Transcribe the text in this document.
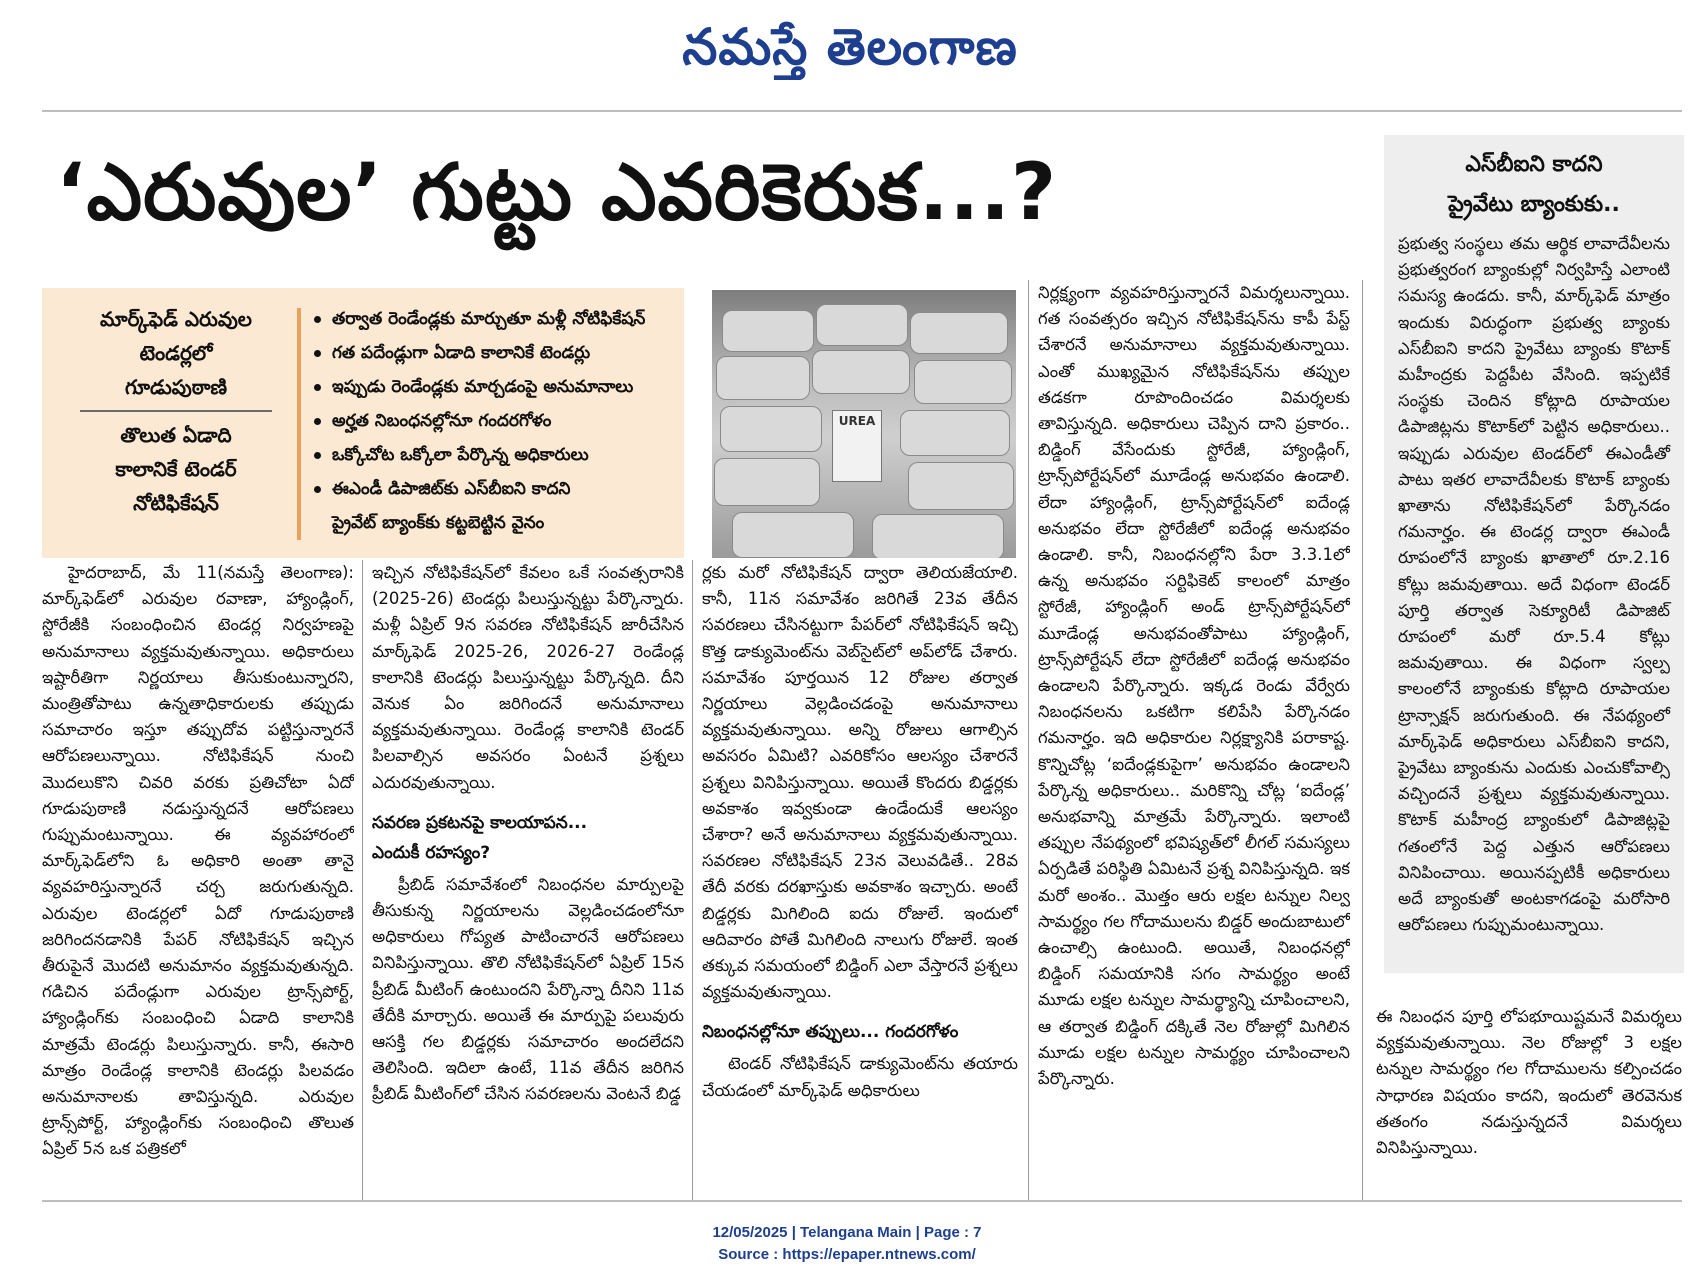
నమస్తే తెలంగాణ
‘ఎరువుల’ గుట్టు ఎవరికెరుక...?
మార్క్‌ఫెడ్ ఎరువుల
టెండర్లలో
గూడుపుఠాణి
తొలుత ఏడాది
కాలానికే టెండర్
నోటిఫికేషన్
తర్వాత రెండేండ్లకు మార్చుతూ మళ్లీ నోటిఫికేషన్
గత పదేండ్లుగా ఏడాది కాలానికే టెండర్లు
ఇప్పుడు రెండేండ్లకు మార్చడంపై అనుమానాలు
అర్హత నిబంధనల్లోనూ గందరగోళం
ఒక్కోచోట ఒక్కోలా పేర్కొన్న అధికారులు
ఈఎండీ డిపాజిట్‌కు ఎస్‌బీఐని కాదని
ప్రైవేట్ బ్యాంక్‌కు కట్టబెట్టిన వైనం
UREA

హైదరాబాద్, మే 11(నమస్తే తెలంగాణ): మార్క్‌ఫెడ్‌లో ఎరువుల రవాణా, హ్యాండ్లింగ్, స్టోరేజీకి సంబంధించిన టెండర్ల నిర్వహణపై అనుమానాలు వ్యక్తమవుతున్నాయి. అధికారులు ఇష్టారీతిగా నిర్ణయాలు తీసుకుంటున్నారని, మంత్రితోపాటు ఉన్నతాధికారులకు తప్పుడు సమాచారం ఇస్తూ తప్పుదోవ పట్టిస్తున్నారనే ఆరోపణలున్నాయి. నోటిఫికేషన్ నుంచి మొదలుకొని చివరి వరకు ప్రతిచోటా ఏదో గూడుపుఠాణి నడుస్తున్నదనే ఆరోపణలు గుప్పుమంటున్నాయి. ఈ వ్యవహారంలో మార్క్‌ఫెడ్‌లోని ఓ అధికారి అంతా తానై వ్యవహరిస్తున్నారనే చర్చ జరుగుతున్నది. ఎరువుల టెండర్లలో ఏదో గూడుపుఠాణి జరిగిందనడానికి పేపర్ నోటిఫికేషన్ ఇచ్చిన తీరుపైనే మొదటి అనుమానం వ్యక్తమవుతున్నది. గడిచిన పదేండ్లుగా ఎరువుల ట్రాన్స్‌పోర్ట్, హ్యాండ్లింగ్‌కు సంబంధించి ఏడాది కాలానికి మాత్రమే టెండర్లు పిలుస్తున్నారు. కానీ, ఈసారి మాత్రం రెండేండ్ల కాలానికి టెండర్లు పిలవడం అనుమానాలకు తావిస్తున్నది. ఎరువుల ట్రాన్స్‌పోర్ట్, హ్యాండ్లింగ్‌కు సంబంధించి తొలుత ఏప్రిల్ 5న ఒక పత్రికలో

ఇచ్చిన నోటిఫికేషన్‌లో కేవలం ఒకే సంవత్సరానికి (2025-26) టెండర్లు పిలుస్తున్నట్టు పేర్కొన్నారు. మళ్లీ ఏప్రిల్ 9న సవరణ నోటిఫికేషన్ జారీచేసిన మార్క్‌ఫెడ్ 2025-26, 2026-27 రెండేండ్ల కాలానికి టెండర్లు పిలుస్తున్నట్టు పేర్కొన్నది. దీని వెనుక ఏం జరిగిందనే అనుమానాలు వ్యక్తమవుతున్నాయి. రెండేండ్ల కాలానికి టెండర్ పిలవాల్సిన అవసరం ఏంటనే ప్రశ్నలు ఎదురవుతున్నాయి.

సవరణ ప్రకటనపై కాలయాపన...
ఎందుకీ రహస్యం?

ప్రీబిడ్ సమావేశంలో నిబంధనల మార్పులపై తీసుకున్న నిర్ణయాలను వెల్లడించడంలోనూ అధికారులు గోప్యత పాటించారనే ఆరోపణలు వినిపిస్తున్నాయి. తొలి నోటిఫికేషన్‌లో ఏప్రిల్ 15న ప్రీబిడ్ మీటింగ్ ఉంటుందని పేర్కొన్నా దీనిని 11వ తేదీకి మార్చారు. అయితే ఈ మార్పుపై పలువురు ఆసక్తి గల బిడ్డర్లకు సమాచారం అందలేదని తెలిసింది. ఇదిలా ఉంటే, 11వ తేదీన జరిగిన ప్రీబిడ్ మీటింగ్‌లో చేసిన సవరణలను వెంటనే బిడ్డ

ర్లకు మరో నోటిఫికేషన్ ద్వారా తెలియజేయాలి. కానీ, 11న సమావేశం జరిగితే 23వ తేదీన సవరణలు చేసినట్టుగా పేపర్‌లో నోటిఫికేషన్ ఇచ్చి కొత్త డాక్యుమెంట్‌ను వెబ్‌సైట్‌లో అప్‌లోడ్ చేశారు. సమావేశం పూర్తయిన 12 రోజుల తర్వాత నిర్ణయాలు వెల్లడించడంపై అనుమానాలు వ్యక్తమవుతున్నాయి. అన్ని రోజులు ఆగాల్సిన అవసరం ఏమిటి? ఎవరికోసం ఆలస్యం చేశారనే ప్రశ్నలు వినిపిస్తున్నాయి. అయితే కొందరు బిడ్డర్లకు అవకాశం ఇవ్వకుండా ఉండేందుకే ఆలస్యం చేశారా? అనే అనుమానాలు వ్యక్తమవుతున్నాయి. సవరణల నోటిఫికేషన్ 23న వెలువడితే.. 28వ తేదీ వరకు దరఖాస్తుకు అవకాశం ఇచ్చారు. అంటే బిడ్డర్లకు మిగిలింది ఐదు రోజులే. ఇందులో ఆదివారం పోతే మిగిలింది నాలుగు రోజులే. ఇంత తక్కువ సమయంలో బిడ్డింగ్ ఎలా వేస్తారనే ప్రశ్నలు వ్యక్తమవుతున్నాయి.

నిబంధనల్లోనూ తప్పులు... గందరగోళం

టెండర్ నోటిఫికేషన్ డాక్యుమెంట్‌ను తయారు చేయడంలో మార్క్‌ఫెడ్ అధికారులు

నిర్లక్ష్యంగా వ్యవహరిస్తున్నారనే విమర్శలున్నాయి. గత సంవత్సరం ఇచ్చిన నోటిఫికేషన్‌ను కాపీ పేస్ట్ చేశారనే అనుమానాలు వ్యక్తమవుతున్నాయి. ఎంతో ముఖ్యమైన నోటిఫికేషన్‌ను తప్పుల తడకగా రూపొందించడం విమర్శలకు తావిస్తున్నది. అధికారులు చెప్పిన దాని ప్రకారం.. బిడ్డింగ్ వేసేందుకు స్టోరేజీ, హ్యాండ్లింగ్, ట్రాన్స్‌పోర్టేషన్‌లో మూడేండ్ల అనుభవం ఉండాలి. లేదా హ్యాండ్లింగ్, ట్రాన్స్‌పోర్టేషన్‌లో ఐదేండ్ల అనుభవం లేదా స్టోరేజీలో ఐదేండ్ల అనుభవం ఉండాలి. కానీ, నిబంధనల్లోని పేరా 3.3.1లో ఉన్న అనుభవం సర్టిఫికెట్ కాలంలో మాత్రం స్టోరేజీ, హ్యాండ్లింగ్ అండ్ ట్రాన్స్‌పోర్టేషన్‌లో మూడేండ్ల అనుభవంతోపాటు హ్యాండ్లింగ్, ట్రాన్స్‌పోర్టేషన్ లేదా స్టోరేజీలో ఐదేండ్ల అనుభవం ఉండాలని పేర్కొన్నారు. ఇక్కడ రెండు వేర్వేరు నిబంధనలను ఒకటిగా కలిపేసి పేర్కొనడం గమనార్హం. ఇది అధికారుల నిర్లక్ష్యానికి పరాకాష్ట. కొన్నిచోట్ల ‘ఐదేండ్లకుపైగా’ అనుభవం ఉండాలని పేర్కొన్న అధికారులు.. మరికొన్ని చోట్ల ‘ఐదేండ్ల’ అనుభవాన్ని మాత్రమే పేర్కొన్నారు. ఇలాంటి తప్పుల నేపథ్యంలో భవిష్యత్‌లో లీగల్ సమస్యలు ఏర్పడితే పరిస్థితి ఏమిటనే ప్రశ్న వినిపిస్తున్నది. ఇక మరో అంశం.. మొత్తం ఆరు లక్షల టన్నుల నిల్వ సామర్థ్యం గల గోదాములను బిడ్డర్ అందుబాటులో ఉంచాల్సి ఉంటుంది. అయితే, నిబంధనల్లో బిడ్డింగ్ సమయానికి సగం సామర్థ్యం అంటే మూడు లక్షల టన్నుల సామర్థ్యాన్ని చూపించాలని, ఆ తర్వాత బిడ్డింగ్ దక్కితే నెల రోజుల్లో మిగిలిన మూడు లక్షల టన్నుల సామర్థ్యం చూపించాలని పేర్కొన్నారు.

ఎస్‌బీఐని కాదని
ప్రైవేటు బ్యాంకుకు..
ప్రభుత్వ సంస్థలు తమ ఆర్థిక లావాదేవీలను ప్రభుత్వరంగ బ్యాంకుల్లో నిర్వహిస్తే ఎలాంటి సమస్య ఉండదు. కానీ, మార్క్‌ఫెడ్ మాత్రం ఇందుకు విరుద్ధంగా ప్రభుత్వ బ్యాంకు ఎస్‌బీఐని కాదని ప్రైవేటు బ్యాంకు కొటాక్ మహీంద్రకు పెద్దపీట వేసింది. ఇప్పటికే సంస్థకు చెందిన కోట్లాది రూపాయల డిపాజిట్లను కొటాక్‌లో పెట్టిన అధికారులు.. ఇప్పుడు ఎరువుల టెండర్‌లో ఈఎండీతో పాటు ఇతర లావాదేవీలకు కొటాక్ బ్యాంకు ఖాతాను నోటిఫికేషన్‌లో పేర్కొనడం గమనార్హం. ఈ టెండర్ల ద్వారా ఈఎండీ రూపంలోనే బ్యాంకు ఖాతాలో రూ.2.16 కోట్లు జమవుతాయి. అదే విధంగా టెండర్ పూర్తి తర్వాత సెక్యూరిటీ డిపాజిట్ రూపంలో మరో రూ.5.4 కోట్లు జమవుతాయి. ఈ విధంగా స్వల్ప కాలంలోనే బ్యాంకుకు కోట్లాది రూపాయల ట్రాన్సాక్షన్ జరుగుతుంది. ఈ నేపథ్యంలో మార్క్‌ఫెడ్ అధికారులు ఎస్‌బీఐని కాదని, ప్రైవేటు బ్యాంకును ఎందుకు ఎంచుకోవాల్సి వచ్చిందనే ప్రశ్నలు వ్యక్తమవుతున్నాయి. కొటాక్ మహీంద్ర బ్యాంకులో డిపాజిట్లపై గతంలోనే పెద్ద ఎత్తున ఆరోపణలు వినిపించాయి. అయినప్పటికీ అధికారులు అదే బ్యాంకుతో అంటకాగడంపై మరోసారి ఆరోపణలు గుప్పుమంటున్నాయి.

ఈ నిబంధన పూర్తి లోపభూయిష్టమనే విమర్శలు వ్యక్తమవుతున్నాయి. నెల రోజుల్లో 3 లక్షల టన్నుల సామర్థ్యం గల గోదాములను కల్పించడం సాధారణ విషయం కాదని, ఇందులో తెరవెనుక తతంగం నడుస్తున్నదనే విమర్శలు వినిపిస్తున్నాయి.

12/05/2025 | Telangana Main | Page : 7
Source : https://epaper.ntnews.com/
